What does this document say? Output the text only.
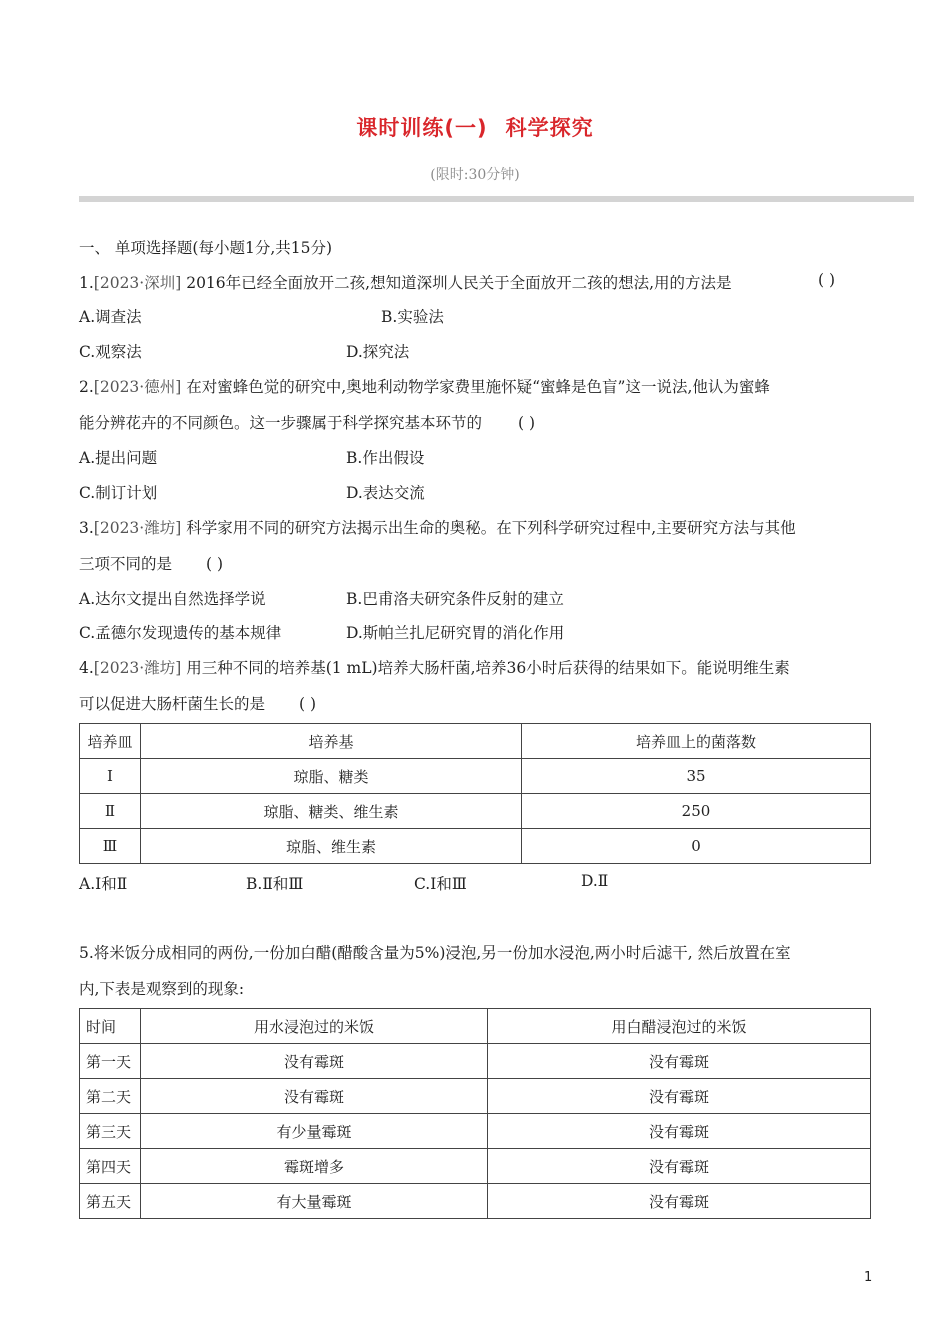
课时训练(一) 科学探究
(限时:30分钟)
一、 单项选择题(每小题1分,共15分)
1.[2023·深圳] 2016年已经全面放开二孩,想知道深圳人民关于全面放开二孩的想法,用的方法是	( )
A.调查法	B.实验法
C.观察法	D.探究法
2.[2023·德州] 在对蜜蜂色觉的研究中,奥地利动物学家费里施怀疑“蜜蜂是色盲”这一说法,他认为蜜蜂
能分辨花卉的不同颜色。这一步骤属于科学探究基本环节的 ( )
A.提出问题	B.作出假设
C.制订计划	D.表达交流
3.[2023·潍坊] 科学家用不同的研究方法揭示出生命的奥秘。在下列科学研究过程中,主要研究方法与其他
三项不同的是 ( )
A.达尔文提出自然选择学说	B.巴甫洛夫研究条件反射的建立
C.孟德尔发现遗传的基本规律	D.斯帕兰扎尼研究胃的消化作用
4.[2023·潍坊] 用三种不同的培养基(1 mL)培养大肠杆菌,培养36小时后获得的结果如下。能说明维生素
可以促进大肠杆菌生长的是 ( )
培养皿	培养基	培养皿上的菌落数
Ⅰ	琼脂、糖类	35
Ⅱ	琼脂、糖类、维生素	250
Ⅲ	琼脂、维生素	0
A.Ⅰ和Ⅱ	B.Ⅱ和Ⅲ	C.Ⅰ和Ⅲ	D.Ⅱ
5.将米饭分成相同的两份,一份加白醋(醋酸含量为5%)浸泡,另一份加水浸泡,两小时后滤干, 然后放置在室
内,下表是观察到的现象:
时间	用水浸泡过的米饭	用白醋浸泡过的米饭
第一天	没有霉斑	没有霉斑
第二天	没有霉斑	没有霉斑
第三天	有少量霉斑	没有霉斑
第四天	霉斑增多	没有霉斑
第五天	有大量霉斑	没有霉斑
1
